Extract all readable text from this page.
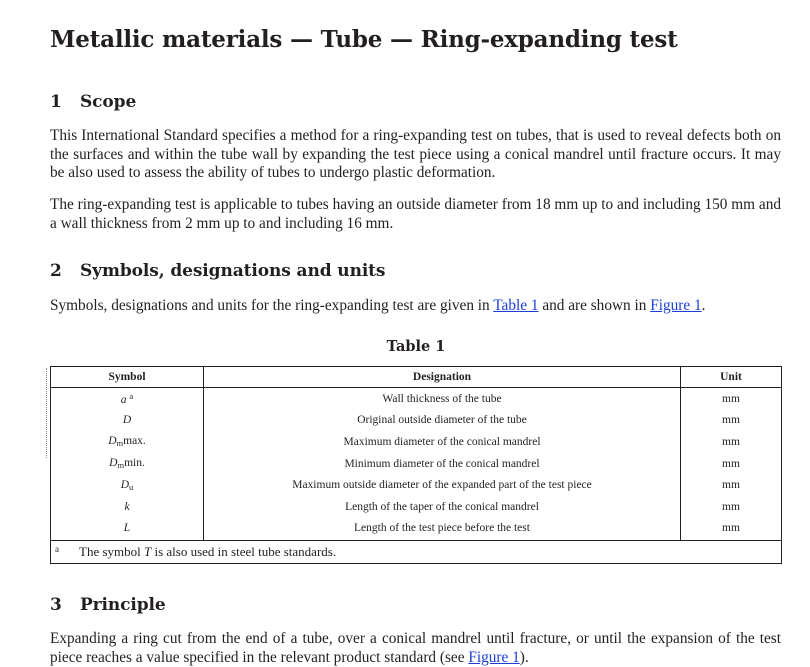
Metallic materials — Tube — Ring-expanding test
1 Scope

This International Standard specifies a method for a ring-expanding test on tubes, that is used to reveal defects both on the surfaces and within the tube wall by expanding the test piece using a conical mandrel until fracture occurs. It may be also used to assess the ability of tubes to undergo plastic deformation.

The ring-expanding test is applicable to tubes having an outside diameter from 18 mm up to and including 150 mm and a wall thickness from 2 mm up to and including 16 mm.

2 Symbols, designations and units

Symbols, designations and units for the ring-expanding test are given in Table 1 and are shown in Figure 1.

Table 1

Symbol	Designation	Unit
a $^a$	Wall thickness of the tube	mm
D	Original outside diameter of the tube	mm
$D_m\max$.	Maximum diameter of the conical mandrel	mm
$D_m\min$.	Minimum diameter of the conical mandrel	mm
$D_u$	Maximum outside diameter of the expanded part of the test piece	mm
k	Length of the taper of the conical mandrel	mm
L	Length of the test piece before the test	mm
a The symbol T is also used in steel tube standards.		
3 Principle

Expanding a ring cut from the end of a tube, over a conical mandrel until fracture, or until the expansion of the test piece reaches a value specified in the relevant product standard (see Figure 1).
